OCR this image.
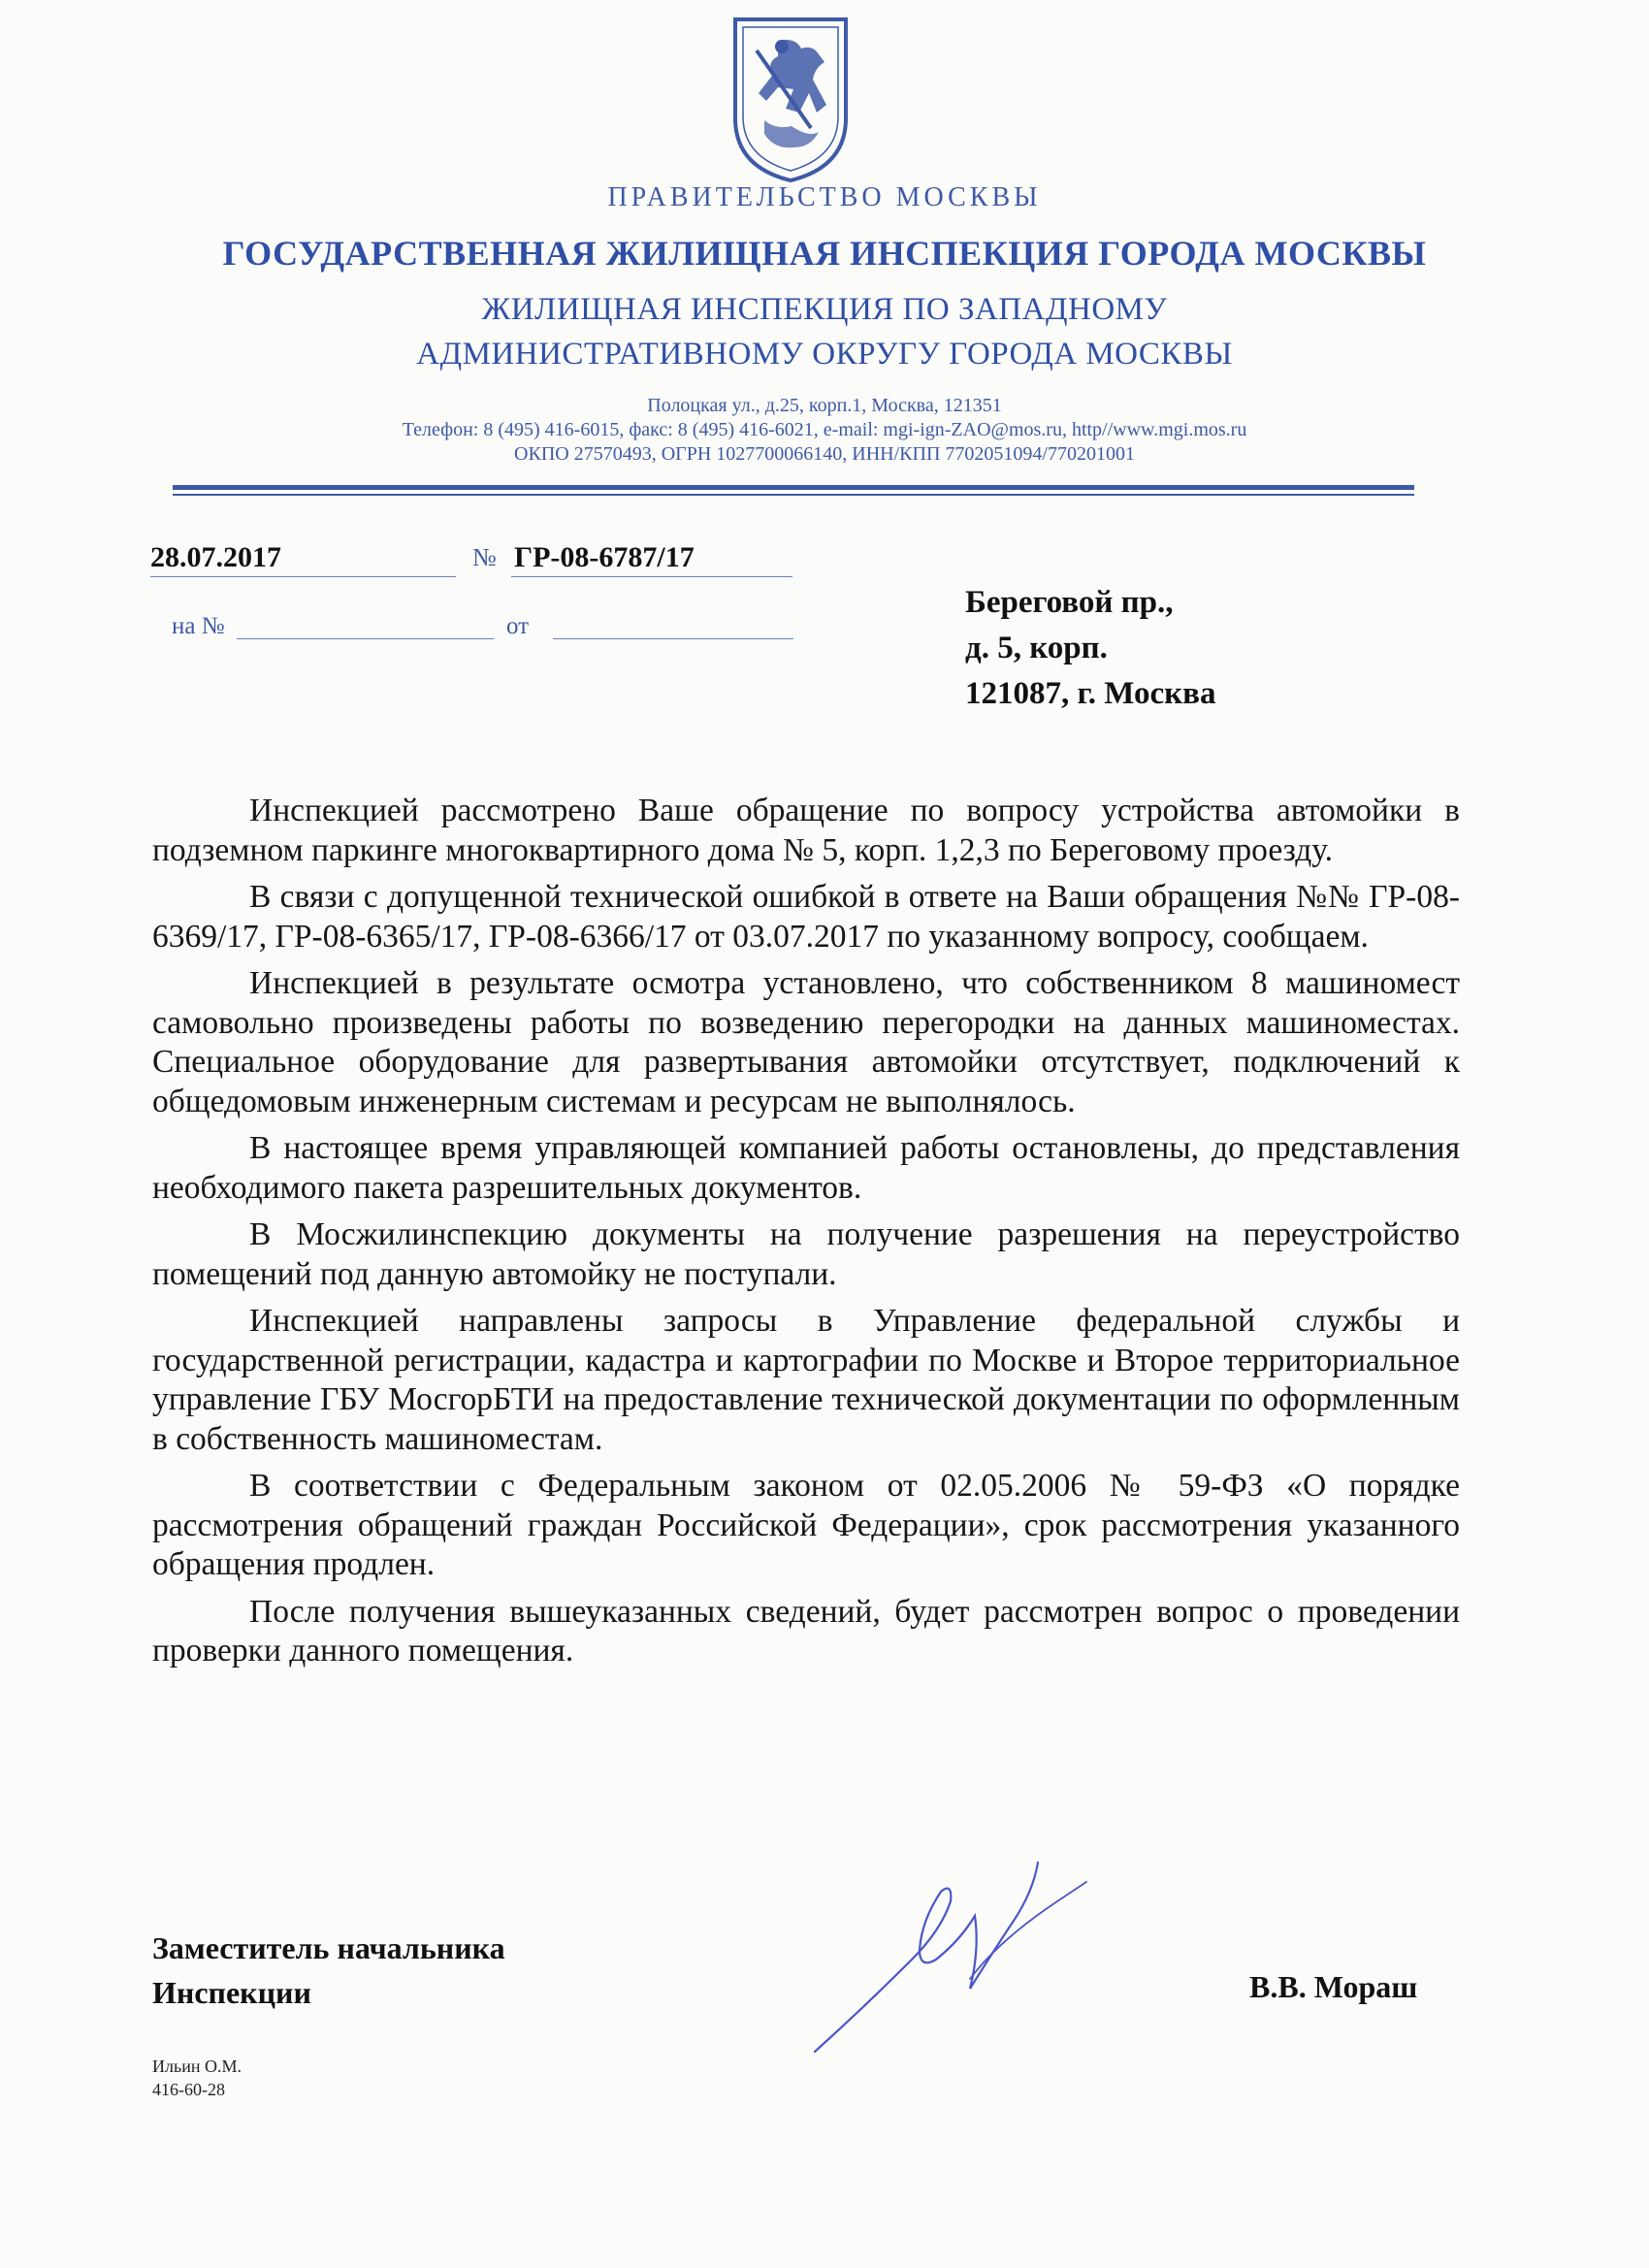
ПРАВИТЕЛЬСТВО МОСКВЫ
ГОСУДАРСТВЕННАЯ ЖИЛИЩНАЯ ИНСПЕКЦИЯ ГОРОДА МОСКВЫ
ЖИЛИЩНАЯ ИНСПЕКЦИЯ ПО ЗАПАДНОМУ
АДМИНИСТРАТИВНОМУ ОКРУГУ ГОРОДА МОСКВЫ
Полоцкая ул., д.25, корп.1, Москва, 121351
Телефон: 8 (495) 416-6015, факс: 8 (495) 416-6021, e-mail: mgi-ign-ZAO@mos.ru, http//www.mgi.mos.ru
ОКПО 27570493, ОГРН 1027700066140, ИНН/КПП 7702051094/770201001
28.07.2017	№ ГР-08-6787/17
на №	от
Береговой пр.,
д. 5, корп.
121087, г. Москва

Инспекцией рассмотрено Ваше обращение по вопросу устройства автомойки в подземном паркинге многоквартирного дома № 5, корп. 1,2,3 по Береговому проезду.

В связи с допущенной технической ошибкой в ответе на Ваши обращения №№ ГР-08-6369/17, ГР-08-6365/17, ГР-08-6366/17 от 03.07.2017 по указанному вопросу, сообщаем.

Инспекцией в результате осмотра установлено, что собственником 8 машиномест самовольно произведены работы по возведению перегородки на данных машиноместах. Специальное оборудование для развертывания автомойки отсутствует, подключений к общедомовым инженерным системам и ресурсам не выполнялось.

В настоящее время управляющей компанией работы остановлены, до представления необходимого пакета разрешительных документов.

В Мосжилинспекцию документы на получение разрешения на переустройство помещений под данную автомойку не поступали.

Инспекцией направлены запросы в Управление федеральной службы и государственной регистрации, кадастра и картографии по Москве и Второе территориальное управление ГБУ МосгорБТИ на предоставление технической документации по оформленным в собственность машиноместам.

В соответствии с Федеральным законом от 02.05.2006 № 59-ФЗ «О порядке рассмотрения обращений граждан Российской Федерации», срок рассмотрения указанного обращения продлен.

После получения вышеуказанных сведений, будет рассмотрен вопрос о проведении проверки данного помещения.

Заместитель начальника
Инспекции	В.В. Мораш
Ильин О.М.
416-60-28
